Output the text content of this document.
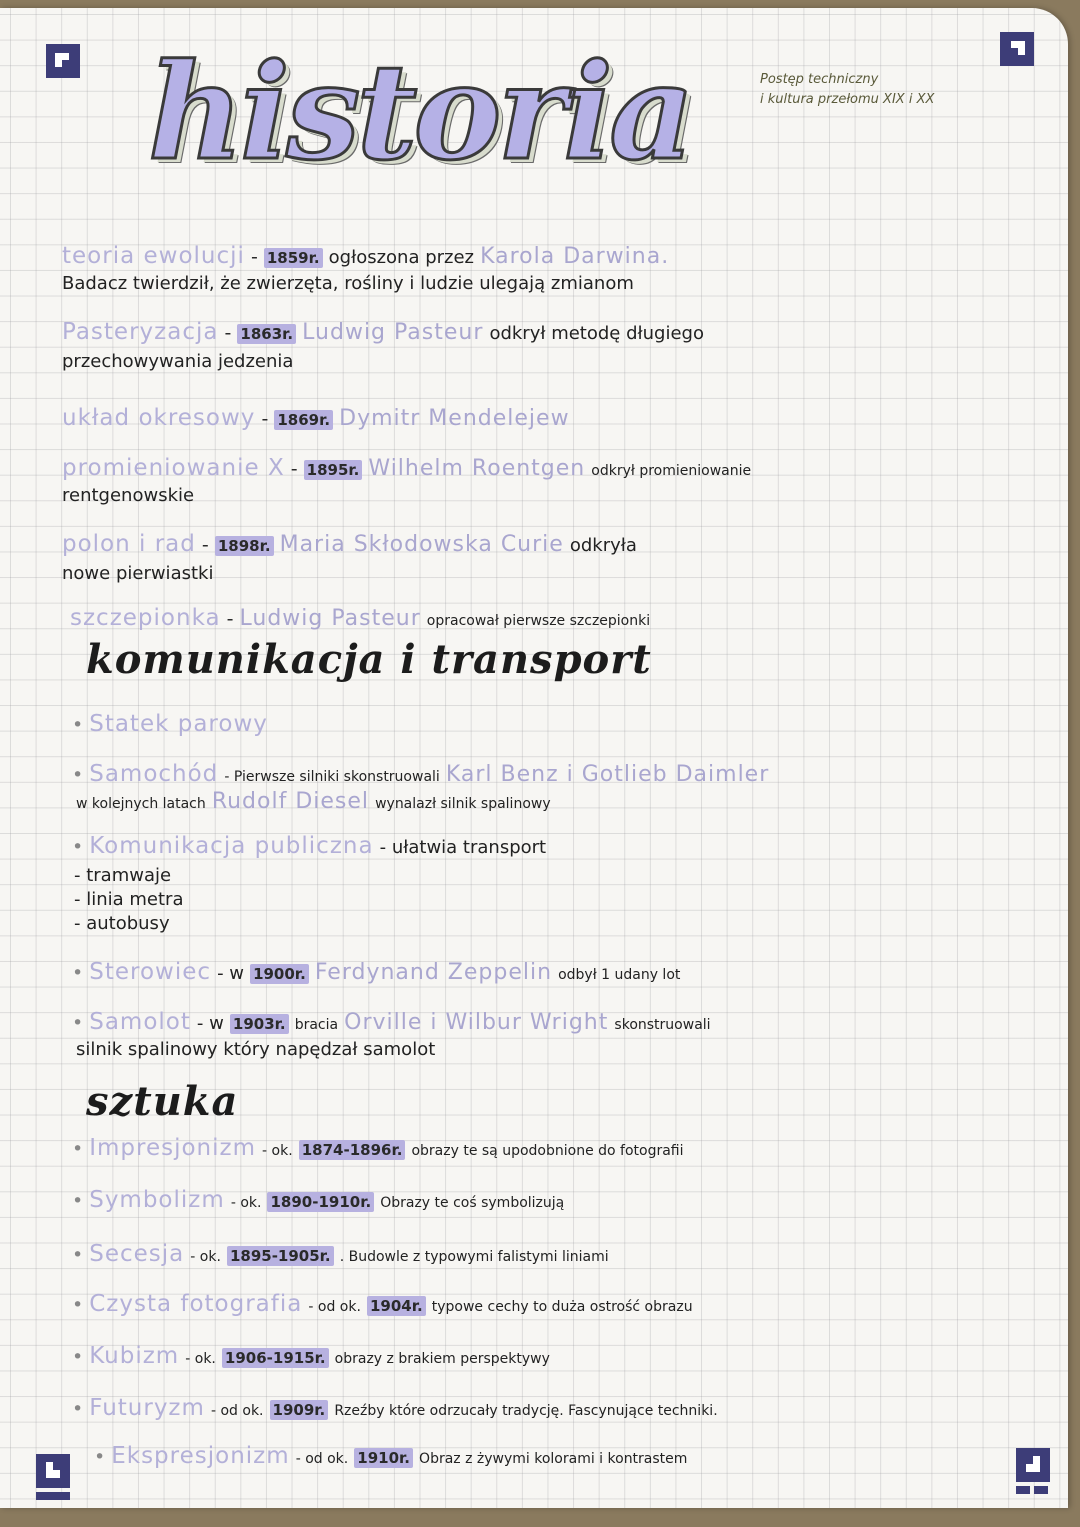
historia	Postęp techniczny
i kultura przełomu XIX i XX
teoria ewolucji - 1859r. ogłoszona przez Karola Darwina.
Badacz twierdził, że zwierzęta, rośliny i ludzie ulegają zmianom
Pasteryzacja - 1863r. Ludwig Pasteur odkrył metodę długiego
przechowywania jedzenia
układ okresowy - 1869r. Dymitr Mendelejew
promieniowanie X - 1895r. Wilhelm Roentgen odkrył promieniowanie
rentgenowskie
polon i rad - 1898r. Maria Skłodowska Curie odkryła
nowe pierwiastki
szczepionka - Ludwig Pasteur opracował pierwsze szczepionki
komunikacja i transport
• Statek parowy
• Samochód - Pierwsze silniki skonstruowali Karl Benz i Gotlieb Daimler
w kolejnych latach Rudolf Diesel wynalazł silnik spalinowy
• Komunikacja publiczna - ułatwia transport
- tramwaje
- linia metra
- autobusy
• Sterowiec - w 1900r. Ferdynand Zeppelin odbył 1 udany lot
• Samolot - w 1903r. bracia Orville i Wilbur Wright skonstruowali
silnik spalinowy który napędzał samolot
sztuka
• Impresjonizm - ok. 1874-1896r. obrazy te są upodobnione do fotografii
• Symbolizm - ok. 1890-1910r. Obrazy te coś symbolizują
• Secesja - ok. 1895-1905r. . Budowle z typowymi falistymi liniami
• Czysta fotografia - od ok. 1904r. typowe cechy to duża ostrość obrazu
• Kubizm - ok. 1906-1915r. obrazy z brakiem perspektywy
• Futuryzm - od ok. 1909r. Rzeźby które odrzucały tradycję. Fascynujące techniki.
• Ekspresjonizm - od ok. 1910r. Obraz z żywymi kolorami i kontrastem
